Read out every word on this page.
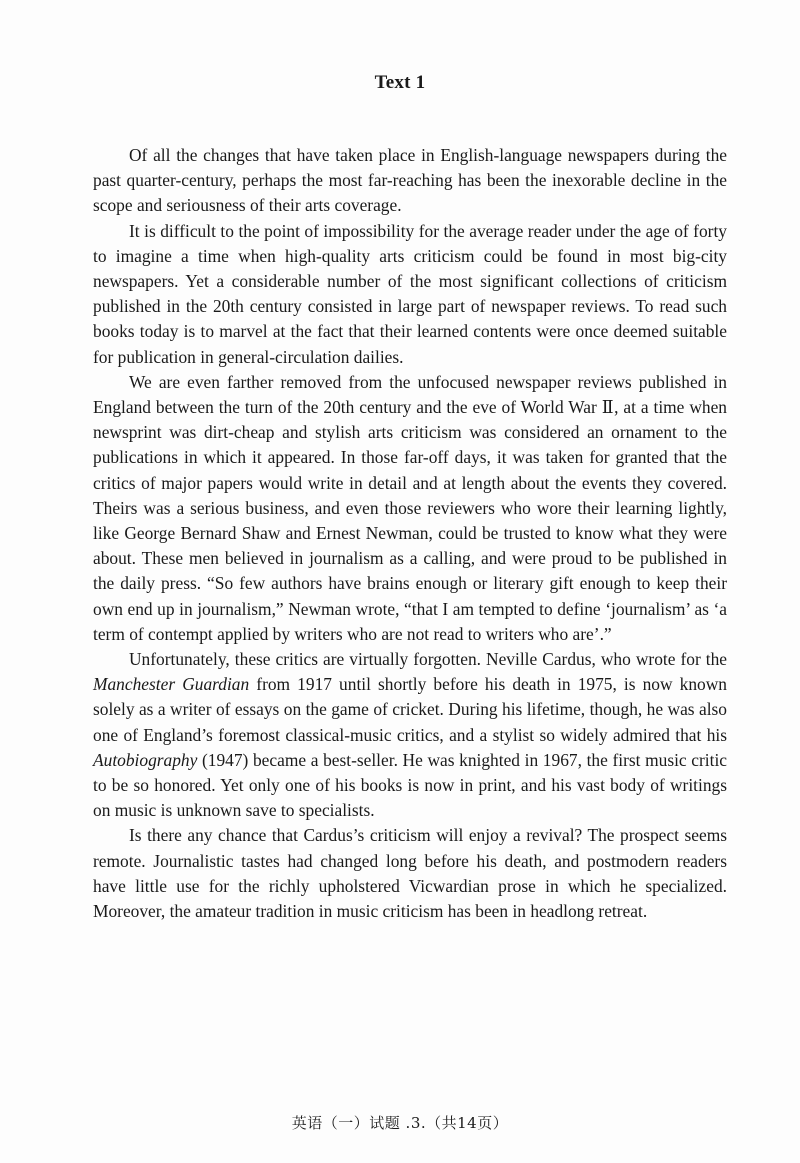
Text 1

Of all the changes that have taken place in English-language newspapers during the past quarter-century, perhaps the most far-reaching has been the inexorable decline in the scope and seriousness of their arts coverage.

It is difficult to the point of impossibility for the average reader under the age of forty to imagine a time when high-quality arts criticism could be found in most big-city newspapers. Yet a considerable number of the most significant collections of criticism published in the 20th century consisted in large part of newspaper reviews. To read such books today is to marvel at the fact that their learned contents were once deemed suitable for publication in general-circulation dailies.

We are even farther removed from the unfocused newspaper reviews published in England between the turn of the 20th century and the eve of World War Ⅱ, at a time when newsprint was dirt-cheap and stylish arts criticism was considered an ornament to the publications in which it appeared. In those far-off days, it was taken for granted that the critics of major papers would write in detail and at length about the events they covered. Theirs was a serious business, and even those reviewers who wore their learning lightly, like George Bernard Shaw and Ernest Newman, could be trusted to know what they were about. These men believed in journalism as a calling, and were proud to be published in the daily press. “So few authors have brains enough or literary gift enough to keep their own end up in journalism,” Newman wrote, “that I am tempted to define ‘journalism’ as ‘a term of contempt applied by writers who are not read to writers who are’.”

Unfortunately, these critics are virtually forgotten. Neville Cardus, who wrote for the Manchester Guardian from 1917 until shortly before his death in 1975, is now known solely as a writer of essays on the game of cricket. During his lifetime, though, he was also one of England’s foremost classical-music critics, and a stylist so widely admired that his Autobiography (1947) became a best-seller. He was knighted in 1967, the first music critic to be so honored. Yet only one of his books is now in print, and his vast body of writings on music is unknown save to specialists.

Is there any chance that Cardus’s criticism will enjoy a revival? The prospect seems remote. Journalistic tastes had changed long before his death, and postmodern readers have little use for the richly upholstered Vicwardian prose in which he specialized. Moreover, the amateur tradition in music criticism has been in headlong retreat.

英语（一）试题 .3.（共14页）
